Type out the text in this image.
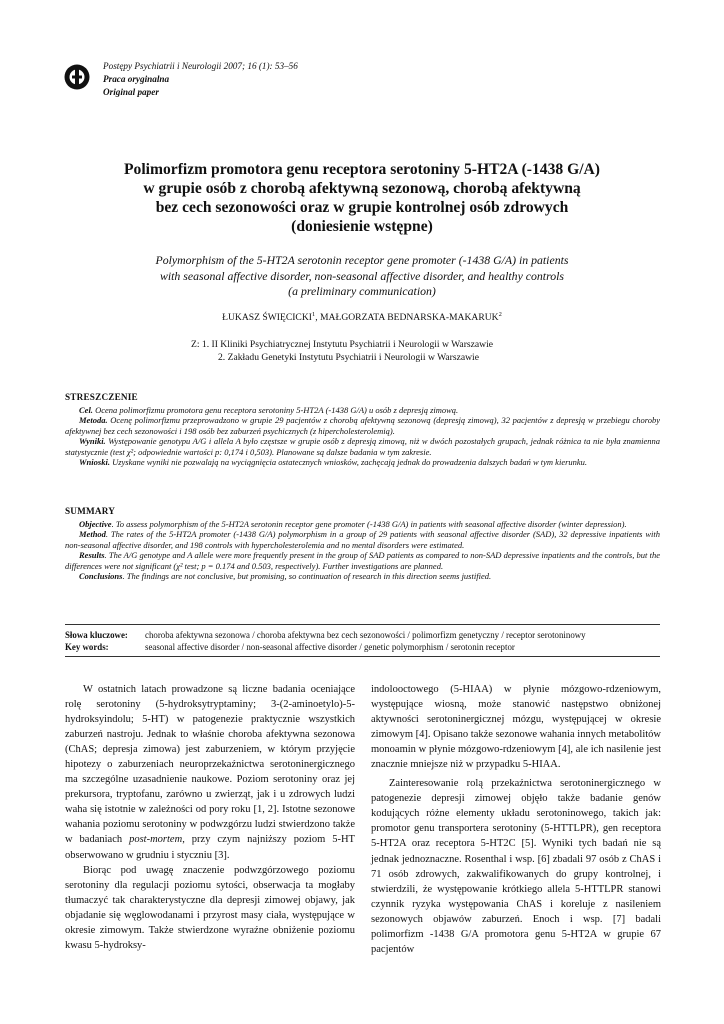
Postępy Psychiatrii i Neurologii 2007; 16 (1): 53–56
Praca oryginalna
Original paper
Polimorfizm promotora genu receptora serotoniny 5-HT2A (-1438 G/A)
w grupie osób z chorobą afektywną sezonową, chorobą afektywną
bez cech sezonowości oraz w grupie kontrolnej osób zdrowych
(doniesienie wstępne)
Polymorphism of the 5-HT2A serotonin receptor gene promoter (-1438 G/A) in patients
with seasonal affective disorder, non-seasonal affective disorder, and healthy controls
(a preliminary communication)
ŁUKASZ ŚWIĘCICKI$^1$, MAŁGORZATA BEDNARSKA-MAKARUK$^2$
Z: 1. II Kliniki Psychiatrycznej Instytutu Psychiatrii i Neurologii w Warszawie
2. Zakładu Genetyki Instytutu Psychiatrii i Neurologii w Warszawie
STRESZCZENIE

Cel. Ocena polimorfizmu promotora genu receptora serotoniny 5-HT2A (-1438 G/A) u osób z depresją zimową.

Metoda. Ocenę polimorfizmu przeprowadzono w grupie 29 pacjentów z chorobą afektywną sezonową (depresją zimową), 32 pacjentów z depresją w przebiegu choroby afektywnej bez cech sezonowości i 198 osób bez zaburzeń psychicznych (z hipercholesterolemią).

Wyniki. Występowanie genotypu A/G i allela A było częstsze w grupie osób z depresją zimową, niż w dwóch pozostałych grupach, jednak różnica ta nie była znamienna statystycznie (test χ²; odpowiednie wartości p: 0,174 i 0,503). Planowane są dalsze badania w tym zakresie.

Wnioski. Uzyskane wyniki nie pozwalają na wyciągnięcia ostatecznych wniosków, zachęcają jednak do prowadzenia dalszych badań w tym kierunku.

SUMMARY

Objective. To assess polymorphism of the 5-HT2A serotonin receptor gene promoter (-1438 G/A) in patients with seasonal affective disorder (winter depression).

Method. The rates of the 5-HT2A promoter (-1438 G/A) polymorphism in a group of 29 patients with seasonal affective disorder (SAD), 32 depressive inpatients with non-seasonal affective disorder, and 198 controls with hypercholesterolemia and no mental disorders were estimated.

Results. The A/G genotype and A allele were more frequently present in the group of SAD patients as compared to non-SAD depressive inpatients and the controls, but the differences were not significant (χ² test; p = 0.174 and 0.503, respectively). Further investigations are planned.

Conclusions. The findings are not conclusive, but promising, so continuation of research in this direction seems justified.

Słowa kluczowe:	choroba afektywna sezonowa / choroba afektywna bez cech sezonowości / polimorfizm genetyczny / receptor serotoninowy
Key words:	seasonal affective disorder / non-seasonal affective disorder / genetic polymorphism / serotonin receptor

W ostatnich latach prowadzone są liczne badania oceniające rolę serotoniny (5-hydroksytryptaminy; 3-(2-aminoetylo)-5-hydroksyindolu; 5-HT) w patogenezie praktycznie wszystkich zaburzeń nastroju. Jednak to właśnie choroba afektywna sezonowa (ChAS; depresja zimowa) jest zaburzeniem, w którym przyjęcie hipotezy o zaburzeniach neuroprzekaźnictwa serotoninergicznego ma szczególne uzasadnienie naukowe. Poziom serotoniny oraz jej prekursora, tryptofanu, zarówno u zwierząt, jak i u zdrowych ludzi waha się istotnie w zależności od pory roku [1, 2]. Istotne sezonowe wahania poziomu serotoniny w podwzgórzu ludzi stwierdzono także w badaniach post-mortem, przy czym najniższy poziom 5-HT obserwowano w grudniu i styczniu [3].

Biorąc pod uwagę znaczenie podwzgórzowego poziomu serotoniny dla regulacji poziomu sytości, obserwacja ta mogłaby tłumaczyć tak charakterystyczne dla depresji zimowej objawy, jak objadanie się węglowodanami i przyrost masy ciała, występujące w okresie zimowym. Także stwierdzone wyraźne obniżenie poziomu kwasu 5-hydroksy-

indolooctowego (5-HIAA) w płynie mózgowo-rdzeniowym, występujące wiosną, może stanowić następstwo obniżonej aktywności serotoninergicznej mózgu, występującej w okresie zimowym [4]. Opisano także sezonowe wahania innych metabolitów monoamin w płynie mózgowo-rdzeniowym [4], ale ich nasilenie jest znacznie mniejsze niż w przypadku 5-HIAA.

Zainteresowanie rolą przekaźnictwa serotoninergicznego w patogenezie depresji zimowej objęło także badanie genów kodujących różne elementy układu serotoninowego, takich jak: promotor genu transportera serotoniny (5-HTTLPR), gen receptora 5-HT2A oraz receptora 5-HT2C [5]. Wyniki tych badań nie są jednak jednoznaczne. Rosenthal i wsp. [6] zbadali 97 osób z ChAS i 71 osób zdrowych, zakwalifikowanych do grupy kontrolnej, i stwierdzili, że występowanie krótkiego allela 5-HTTLPR stanowi czynnik ryzyka występowania ChAS i koreluje z nasileniem sezonowych objawów zaburzeń. Enoch i wsp. [7] badali polimorfizm -1438 G/A promotora genu 5-HT2A w grupie 67 pacjentów
